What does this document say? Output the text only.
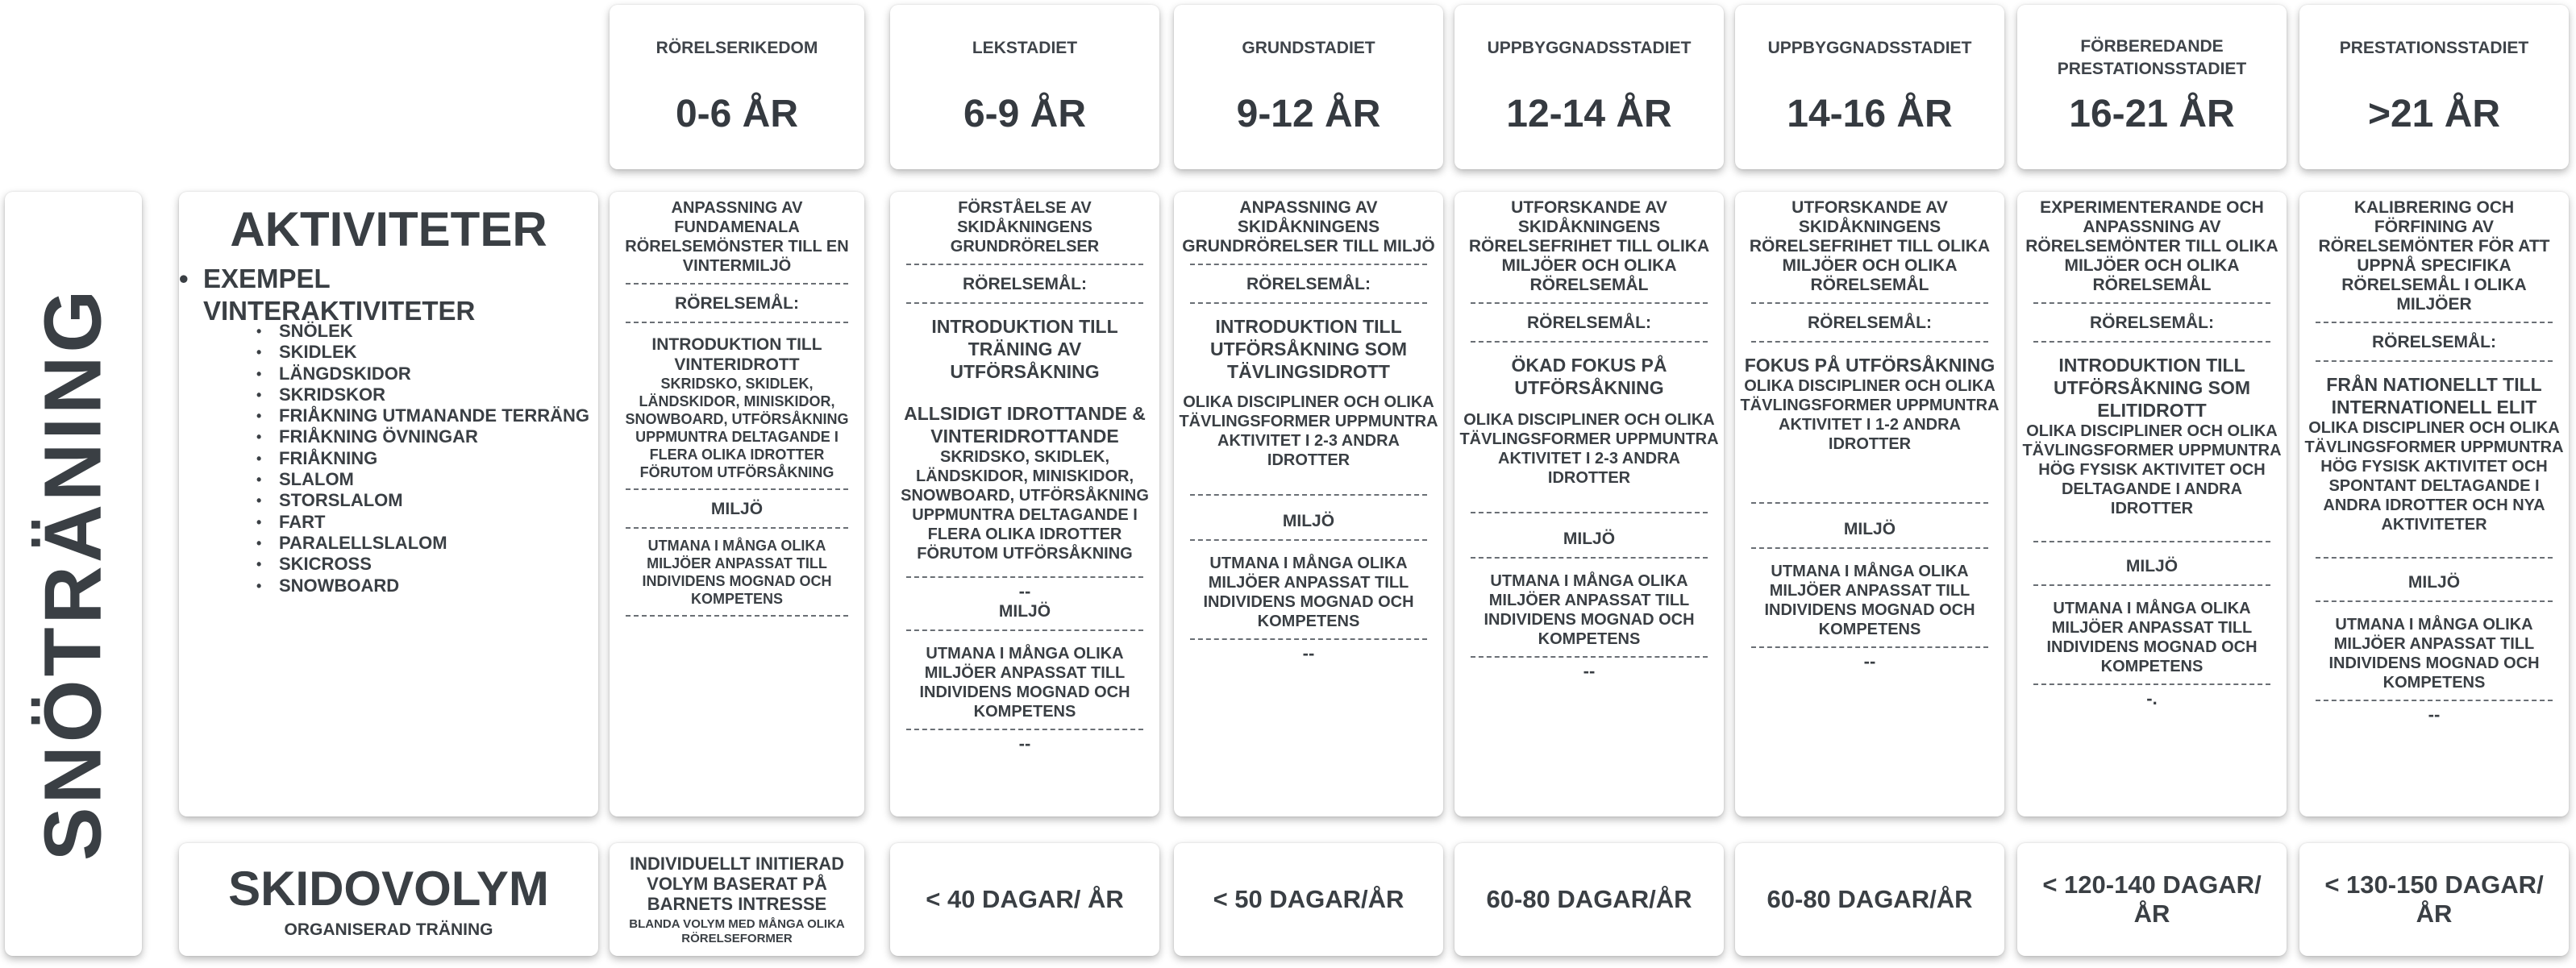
SNÖTRÄNING
AKTIVITETER
• EXEMPEL VINTERAKTIVITETER
• SNÖLEK
• SKIDLEK
• LÄNGDSKIDOR
• SKRIDSKOR
• FRIÅKNING UTMANANDE TERRÄNG
• FRIÅKNING ÖVNINGAR
• FRIÅKNING
• SLALOM
• STORSLALOM
• FART
• PARALELLSLALOM
• SKICROSS
• SNOWBOARD
SKIDOVOLYM
ORGANISERAD TRÄNING
RÖRELSERIKEDOM
0-6 ÅR
ANPASSNING AV FUNDAMENALA RÖRELSEMÖNSTER TILL EN VINTERMILJÖ
RÖRELSEMÅL:
INTRODUKTION TILL VINTERIDROTT
SKRIDSKO, SKIDLEK, LÄNDSKIDOR, MINISKIDOR, SNOWBOARD, UTFÖRSÅKNING UPPMUNTRA DELTAGANDE I FLERA OLIKA IDROTTER FÖRUTOM UTFÖRSÅKNING
MILJÖ
UTMANA I MÅNGA OLIKA MILJÖER ANPASSAT TILL INDIVIDENS MOGNAD OCH KOMPETENS
INDIVIDUELLT INITIERAD VOLYM BASERAT PÅ BARNETS INTRESSE
BLANDA VOLYM MED MÅNGA OLIKA RÖRELSEFORMER
LEKSTADIET
6-9 ÅR
FÖRSTÅELSE AV SKIDÅKNINGENS GRUNDRÖRELSER
RÖRELSEMÅL:
INTRODUKTION TILL TRÄNING AV UTFÖRSÅKNING
ALLSIDIGT IDROTTANDE & VINTERIDROTTANDE
SKRIDSKO, SKIDLEK, LÄNDSKIDOR, MINISKIDOR, SNOWBOARD, UTFÖRSÅKNING UPPMUNTRA DELTAGANDE I FLERA OLIKA IDROTTER FÖRUTOM UTFÖRSÅKNING
--
MILJÖ
UTMANA I MÅNGA OLIKA MILJÖER ANPASSAT TILL INDIVIDENS MOGNAD OCH KOMPETENS
--
< 40 DAGAR/ ÅR
GRUNDSTADIET
9-12 ÅR
ANPASSNING AV SKIDÅKNINGENS GRUNDRÖRELSER TILL MILJÖ
RÖRELSEMÅL:
INTRODUKTION TILL UTFÖRSÅKNING SOM TÄVLINGSIDROTT
OLIKA DISCIPLINER OCH OLIKA TÄVLINGSFORMER UPPMUNTRA AKTIVITET I 2-3 ANDRA IDROTTER
MILJÖ
UTMANA I MÅNGA OLIKA MILJÖER ANPASSAT TILL INDIVIDENS MOGNAD OCH KOMPETENS
--
< 50 DAGAR/ÅR
UPPBYGGNADSSTADIET
12-14 ÅR
UTFORSKANDE AV SKIDÅKNINGENS RÖRELSEFRIHET TILL OLIKA MILJÖER OCH OLIKA RÖRELSEMÅL
RÖRELSEMÅL:
ÖKAD FOKUS PÅ UTFÖRSÅKNING
OLIKA DISCIPLINER OCH OLIKA TÄVLINGSFORMER UPPMUNTRA AKTIVITET I 2-3 ANDRA IDROTTER
MILJÖ
UTMANA I MÅNGA OLIKA MILJÖER ANPASSAT TILL INDIVIDENS MOGNAD OCH KOMPETENS
--
60-80 DAGAR/ÅR
UPPBYGGNADSSTADIET
14-16 ÅR
UTFORSKANDE AV SKIDÅKNINGENS RÖRELSEFRIHET TILL OLIKA MILJÖER OCH OLIKA RÖRELSEMÅL
RÖRELSEMÅL:
FOKUS PÅ UTFÖRSÅKNING
OLIKA DISCIPLINER OCH OLIKA TÄVLINGSFORMER UPPMUNTRA AKTIVITET I 1-2 ANDRA IDROTTER
MILJÖ
UTMANA I MÅNGA OLIKA MILJÖER ANPASSAT TILL INDIVIDENS MOGNAD OCH KOMPETENS
--
60-80 DAGAR/ÅR
FÖRBEREDANDE PRESTATIONSSTADIET
16-21 ÅR
EXPERIMENTERANDE OCH ANPASSNING AV RÖRELSEMÖNTER TILL OLIKA MILJÖER OCH OLIKA RÖRELSEMÅL
RÖRELSEMÅL:
INTRODUKTION TILL UTFÖRSÅKNING SOM ELITIDROTT
OLIKA DISCIPLINER OCH OLIKA TÄVLINGSFORMER UPPMUNTRA HÖG FYSISK AKTIVITET OCH DELTAGANDE I ANDRA IDROTTER
MILJÖ
UTMANA I MÅNGA OLIKA MILJÖER ANPASSAT TILL INDIVIDENS MOGNAD OCH KOMPETENS
-.
< 120-140 DAGAR/ÅR
PRESTATIONSSTADIET
>21 ÅR
KALIBRERING OCH FÖRFINING AV RÖRELSEMÖNTER FÖR ATT UPPNÅ SPECIFIKA RÖRELSEMÅL I OLIKA MILJÖER
RÖRELSEMÅL:
FRÅN NATIONELLT TILL INTERNATIONELL ELIT
OLIKA DISCIPLINER OCH OLIKA TÄVLINGSFORMER UPPMUNTRA HÖG FYSISK AKTIVITET OCH SPONTANT DELTAGANDE I ANDRA IDROTTER OCH NYA AKTIVITETER
MILJÖ
UTMANA I MÅNGA OLIKA MILJÖER ANPASSAT TILL INDIVIDENS MOGNAD OCH KOMPETENS
--
< 130-150 DAGAR/ÅR
